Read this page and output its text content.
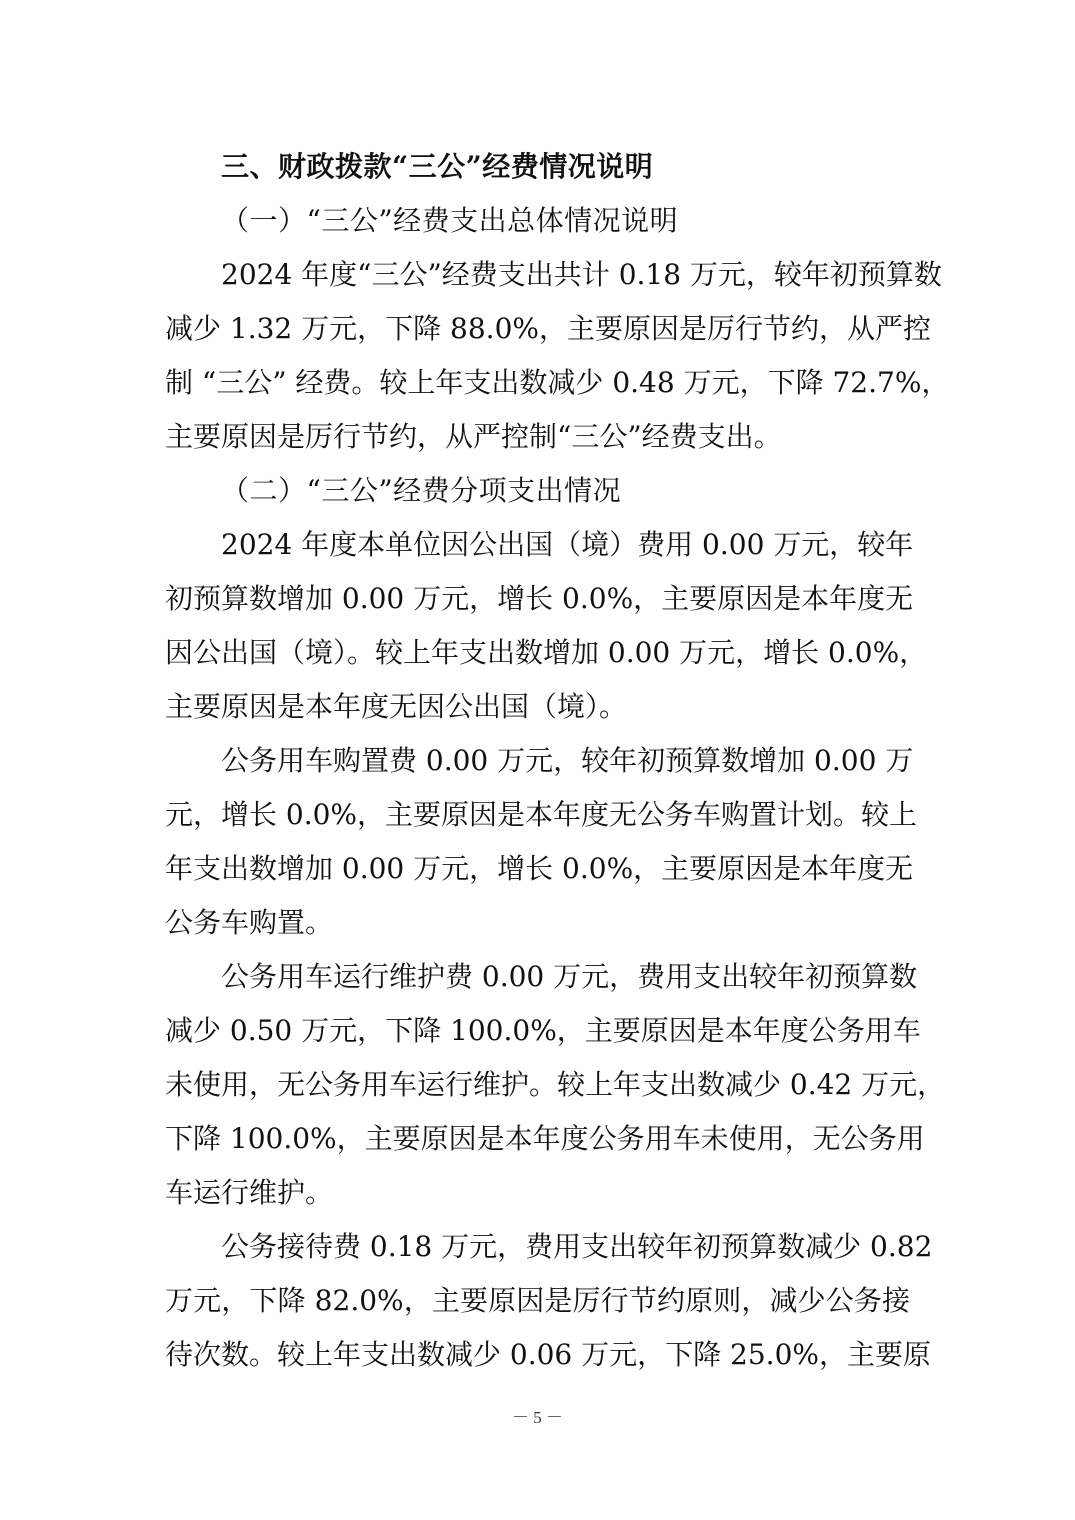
三、财政拨款“三公”经费情况说明
（一）“三公”经费支出总体情况说明

2024 年度“三公”经费支出共计 0.18 万元，较年初预算数
减少 1.32 万元，下降 88.0%，主要原因是厉行节约，从严控
制 “三公” 经费。较上年支出数减少 0.48 万元，下降 72.7%，
主要原因是厉行节约，从严控制“三公”经费支出。

（二）“三公”经费分项支出情况

2024 年度本单位因公出国（境）费用 0.00 万元，较年
初预算数增加 0.00 万元，增长 0.0%，主要原因是本年度无
因公出国（境）。较上年支出数增加 0.00 万元，增长 0.0%，
主要原因是本年度无因公出国（境）。

公务用车购置费 0.00 万元，较年初预算数增加 0.00 万
元，增长 0.0%，主要原因是本年度无公务车购置计划。较上
年支出数增加 0.00 万元，增长 0.0%，主要原因是本年度无
公务车购置。

公务用车运行维护费 0.00 万元，费用支出较年初预算数
减少 0.50 万元，下降 100.0%，主要原因是本年度公务用车
未使用，无公务用车运行维护。较上年支出数减少 0.42 万元，
下降 100.0%，主要原因是本年度公务用车未使用，无公务用
车运行维护。

公务接待费 0.18 万元，费用支出较年初预算数减少 0.82
万元，下降 82.0%，主要原因是厉行节约原则，减少公务接
待次数。较上年支出数减少 0.06 万元，下降 25.0%，主要原

－ 5 －
